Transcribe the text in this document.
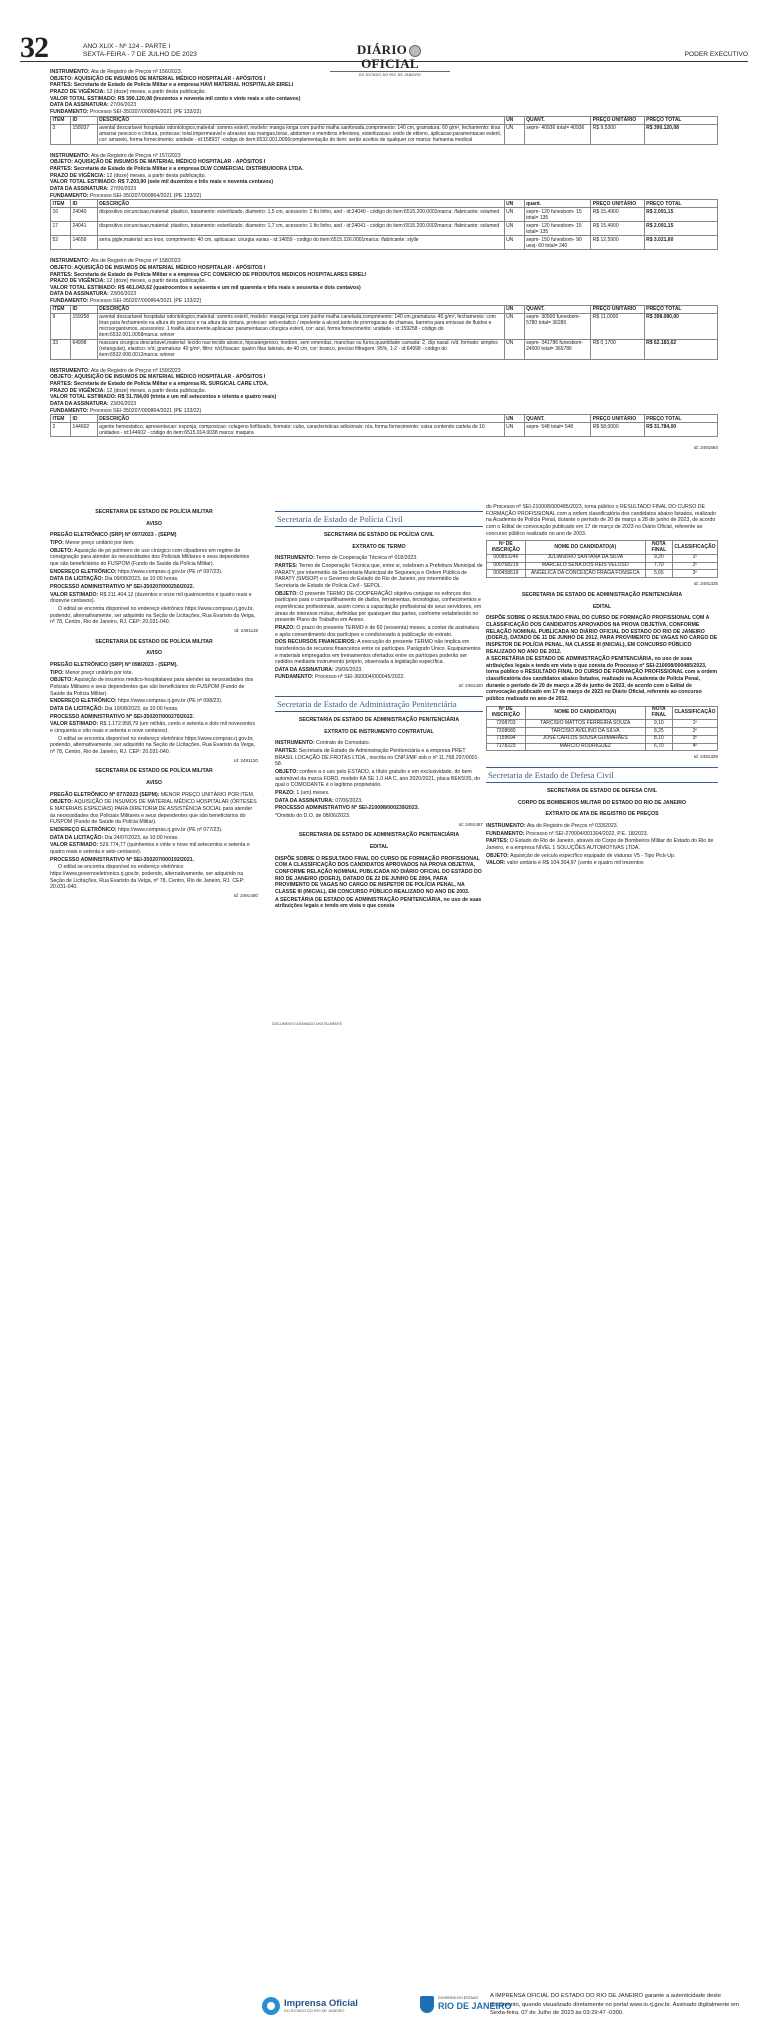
32	ANO XLIX - Nº 124 - PARTE I
SEXTA-FEIRA - 7 DE JULHO DE 2023	DIÁRIOOFICIAL
DO ESTADO DO RIO DE JANEIRO
PODER EXECUTIVO

INSTRUMENTO: Ata de Registro de Preços nº 156/2023.

OBJETO: AQUISIÇÃO DE INSUMOS DE MATERIAL MÉDICO HOSPITALAR - APÓSITOS I

PARTES: Secretaria de Estado de Polícia Militar e a empresa HAVI MATERIAL HOSPITALAR EIRELI

PRAZO DE VIGÊNCIA: 12 (doze) meses, a partir desta publicação.

VALOR TOTAL ESTIMADO: R$ 390.120,08 (trezentos e noventa mil cento e vinte reais e oito centavos)

DATA DA ASSINATURA: 27/06/2023

FUNDAMENTO: Processo SEI-350207/000864/2021 (PE 133/22)

ITEM	ID	DESCRIÇÃO	UN	QUANT.	PREÇO UNITÁRIO	PREÇO TOTAL
3	158937	avental descartavel hospitalar odontologico,material: ssmms esteril, modelo: manga longa com punho malha sanfonada,comprimento: 140 cm, gramatura: 60 g/m², fechamento: tiras amarrar pescoco e cintura, protecao: total impermeavel e abrasivo nas mangas,torax, abdomen e membros inferiores, esterilizacao: oxido de etileno, aplicacao:paramentacao esteril, cor: amarelo, forma fornecimento: unidade - id:158937 -codigo do item:6532.001.0056complementação do item: serão aceitos de qualquer cor marca: humanna medical	UN	sepm- 40936 total= 40936	R$ 9,5300	R$ 390.120,08

INSTRUMENTO: Ata de Registro de Preços nº 157/2023

OBJETO: AQUISIÇÃO DE INSUMOS DE MATERIAL MÉDICO HOSPITALAR - APÓSITOS I

PARTES: Secretaria de Estado de Polícia Militar e a empresa DLW COMERCIAL DISTRIBUIDORA LTDA.

PRAZO DE VIGÊNCIA: 12 (doze) meses, a partir desta publicação.

VALOR TOTAL ESTIMADO: R$ 7.203,90 (sete mil duzentos e três reais e noventa centavos)

DATA DA ASSINATURA: 27/06/2023

FUNDAMENTO: Processo SEI-350207/000864/2021 (PE 133/22)

ITEM	ID	DESCRIÇÃO	UN	quant.	PREÇO UNITÁRIO	PREÇO TOTAL
16	24040	dispositivo circuncisao,material: plastico, tratamento: esterilizado, diametro: 1,5 cm, acessorio: 1 fio linho, and - id:24040 - código do item:6515.200.0001marca: /fabricante: solumed	UN	sepm- 120 funesbom- 15 total= 135	R$ 15,4900	R$ 2.091,15
17	24041	dispositivo circuncisao,material: plastico, tratamento: esterilizado, diametro: 1,7 cm, acessorio: 1 fio linho, and - id:24041 - código do item:6515.200.0002marca: /fabricante: solumed	UN	sepm- 120 funesbom- 15 total= 135	R$ 15,4900	R$ 2.091,15
52	14659	serra gigle,material: aco inox, comprimento: 40 cm, aplicacao: cirurgia varias - id:14659 - codigo do item:6515.226.0001marca: /fabricante: stylle	UN	sepm- 150 funesbom- 90 uesj- 60 total= 240	R$ 12,5900	R$ 3.021,60

INSTRUMENTO: Ata de Registro de Preços nº 158/2023

OBJETO: AQUISIÇÃO DE INSUMOS DE MATERIAL MÉDICO HOSPITALAR - APÓSITOS I

PARTES: Secretaria de Estado de Polícia Militar e a empresa CFC COMERCIO DE PRODUTOS MEDICOS HOSPITALARES EIRELI

PRAZO DE VIGÊNCIA: 12 (doze) meses, a partir desta publicação.

VALOR TOTAL ESTIMADO: R$ 461.043,62 (quatrocentos e sessenta e um mil quarenta e três reais e sessenta e dois centavos)

DATA DA ASSINATURA: 23/06/2023

FUNDAMENTO: Processo SEI-350207/000864/2021 (PE 133/22)

ITEM	ID	DESCRIÇÃO	UN	QUANT.	PREÇO UNITÁRIO	PREÇO TOTAL
9	159258	avental descartavel hospitalar odontologico,material: ssmms esteril, modelo: manga longa com punho malha canelada,comprimento: 140 cm,gramatura: 40 g/m², fechamento: com tiras para fechamento na altura do pescoco e na altura da cintura, protecao: anti-estatico / repelente a alcool,tanto de prorrogacao de chamas, barreira para emissao de fluidos e microorganismos, acessorios: 1 toalha absorvente,aplicacao: paramentacao cirurgica esteril, cor: azul, forma fornecimento: unidade - id:159258 - código do item:6532.001.0058marca: winner	UN	sepm- 30500 funesbom- 5780 total= 36280	R$ 11,0000	R$ 398.080,00
33	64998	mascara cirurgica descartavel,material: tecido nao tecido atoxico, hipoalergenico, inodoro, sem emendas, manchas ou furos,quantidade camada: 2, clip nasal: n/d, formato: simples (retangular), elastico: n/d, gramatura: 40 g/m², filtro: n/d,fixacao: quatro filas laterais, de 40 cm, cor: branco, preciso filtragem: 95%, 1-2 - id:64998 - código do item:6532.008.0012marca: winner	UN	sepm- 341786 funesbom- 24000 total= 365786	R$ 0,1700	R$ 62.183,62

INSTRUMENTO: Ata de Registro de Preços nº 159/2023

OBJETO: AQUISIÇÃO DE INSUMOS DE MATERIAL MÉDICO HOSPITALAR - APÓSITOS I

PARTES: Secretaria de Estado de Polícia Militar e a empresa RL SURGICAL CARE LTDA.

PRAZO DE VIGÊNCIA: 12 (doze) meses, a partir desta publicação.

VALOR TOTAL ESTIMADO: R$ 31.784,00 (trinta e um mil setecentos e oitenta e quatro reais)

DATA DA ASSINATURA: 23/06/2023

FUNDAMENTO: Processo SEI-350207/000864/2021 (PE 133/22)

ITEM	ID	DESCRIÇÃO	UN	QUANT.	PREÇO UNITÁRIO	PREÇO TOTAL
2	144602	agente hemostatico, apresentacao: esponja, composicao: colageno liofilizado, formato: cubo, caracteristicas adicionais: n/a, forma fornecimento: caixa contendo cartela de 10 unidades - id:144602 - código do item:6515.014.0038 marca: maquira	UN	sepm- 548 total= 548	R$ 58,0000	R$ 31.784,00
Id: 2491584
SECRETARIA DE ESTADO DE POLÍCIA MILITAR
AVISO

PREGÃO ELETRÔNICO (SRP) Nº 097/2023 - (SEPM)

TIPO: Menor preço unitário por item.

OBJETO: Aquisição de pó polímero de uso cirúrgico com cilpadores em regime de consignação para atender às necessidades dos Policiais Militares e seus dependentes que são beneficiários do FUSPOM (Fundo de Saúde da Polícia Militar).

ENDEREÇO ELETRÔNICO: https://www.compras.rj.gov.br (PE nº 097/23).

DATA DA LICITAÇÃO: Dia 09/08/2023, às 10:00 horas.

PROCESSO ADMINISTRATIVO Nº SEI-350207/000250/2022.

VALOR ESTIMADO: R$ 211.404,12 (duzentos e onze mil quatrocentos e quatro reais e dozevoe centavos).

O edital se encontra disponível no endereço eletrônico https://www.compras.rj.gov.br, podendo, alternativamente, ser adquirido na Seção de Licitações, Rua Evaristo da Veiga, nº 78, Centro, Rio de Janeiro, RJ. CEP: 20.031-040.

Id: 2491119
SECRETARIA DE ESTADO DE POLÍCIA MILITAR
AVISO

PREGÃO ELETRÔNICO (SRP) Nº 098/2023 - (SEPM).

TIPO: Menor preço unitário por lote.

OBJETO: Aquisição de insumos médico-hospitalares para atender as necessidades dos Policiais Militares e seus dependentes que são beneficiários do FUSPOM (Fundo de Saúde da Polícia Militar).

ENDEREÇO ELETRÔNICO: https://www.compras.rj.gov.br (PE nº 098/23).

DATA DA LICITAÇÃO: Dia 10/08/2023, às 10:00 horas.

PROCESSO ADMINISTRATIVO Nº SEI-350207/000270/2022.

VALOR ESTIMADO: R$ 1.172.958,79 (um milhão, cento e setenta e dois mil novecentos e cinquenta e oito reais e setenta e nove centavos).

O edital se encontra disponível no endereço eletrônico https://www.compras.rj.gov.br, podendo, alternativamente, ser adquirido na Seção de Licitações, Rua Evaristo da Veiga, nº 78, Centro, Rio de Janeiro, RJ. CEP: 20.031-040.

Id: 2491120
SECRETARIA DE ESTADO DE POLÍCIA MILITAR
AVISO

PREGÃO ELETRÔNICO Nº 077/2023 (SEPM): MENOR PREÇO UNITÁRIO POR ITEM.

OBJETO: AQUISIÇÃO DE INSUMOS DE MATERIAL MÉDICO HOSPITALAR (ÓRTESES E MATERIAIS ESPECIAIS) PARA DIRETORIA DE ASSISTÊNCIA SOCIAL para atender às necessidades dos Policiais Militares e seus dependentes que são beneficiários do FUSPOM (Fundo de Saúde da Polícia Militar).

ENDEREÇO ELETRÔNICO: https://www.compras.rj.gov.br (PE nº 077/23).

DATA DA LICITAÇÃO: Dia 24/07/2023, às 10:00 horas.

VALOR ESTIMADO: 529.774,77 (quinhentos e vinte e nove mil setecentos e setenta e quatro reais e setenta e sete centavos).

PROCESSO ADMINISTRATIVO Nº SEI-350207/000192/2021.

O edital se encontra disponível no endereço eletrônico https://www.governoeletronico.rj.gov.br, podendo, alternativamente, ser adquirido na Seção de Licitações, Rua Evaristo da Veiga, nº 78, Centro, Rio de Janeiro, RJ. CEP: 20.031-040.

Id: 2491400
Secretaria de Estado de Polícia Civil
SECRETARIA DE ESTADO DE POLÍCIA CIVIL
EXTRATO DE TERMO

INSTRUMENTO: Termo de Cooperação Técnica nº 018/2023.

PARTES: Termo de Cooperação Técnica que, entre si, celebram a Prefeitura Municipal de PARATY, por intermédio da Secretaria Municipal de Segurança e Ordem Pública de PARATY (SMSOP) e o Governo do Estado do Rio de Janeiro, por intermédio da Secretaria de Estado de Polícia Civil - SEPOL.

OBJETO: O presente TERMO DE COOPERAÇÃO objetiva conjugar os esforços dos partícipes para o compartilhamento de dados, ferramentas, tecnologias, conhecimentos e experiências profissionais, assim como a capacitação profissional de seus servidores, em áreas de interesse mútuo, definidas por quaisquer das partes, conforme estabelecido no presente Plano de Trabalho em Anexo.

PRAZO: O prazo do presente TERMO é de 60 (sessenta) meses, a contar da assinatura e após consentimento dos partícipes e condicionado à publicação do extrato.

DOS RECURSOS FINANCEIROS: A execução do presente TERMO não implica em transferência de recursos financeiros entre os partícipes. Parágrafo Único. Equipamentos e materiais empregados em treinamentos ofertados entre os partícipes poderão ser cedidos mediante instrumento próprio, observada a legislação específica.

DATA DA ASSINATURA: 29/06/2023.

FUNDAMENTO: Processo nº SEI-360004/000045/2022.

Id: 2491320
Secretaria de Estado de Administração Penitenciária
SECRETARIA DE ESTADO DE ADMINISTRAÇÃO PENITENCIÁRIA
EXTRATO DE INSTRUMENTO CONTRATUAL

INSTRUMENTO: Contrato de Comodato.

PARTES: Secretaria de Estado de Administração Penitenciária e a empresa PRET BRASIL LOCAÇÃO DE FROTAS LTDA., inscrita no CNPJ/MF sob o nº 11.768.297/0001-58.

OBJETO: confere a o uso pelo ESTADO, a título gratuito e em exclusividade, do bem automóvel da marca FORD, modelo KA SE 1.0 HA C, ano 2020/2021, placa BEK5I35, do qual o COMODANTE é o legítimo proprietário.

PRAZO: 1 (um) meses.

DATA DA ASSINATURA: 07/06/2023.

PROCESSO ADMINISTRATIVO Nº SEI-210098/000239/2023.

*Omitido do D.O. de 08/06/2023.

Id: 2491457
SECRETARIA DE ESTADO DE ADMINISTRAÇÃO PENITENCIÁRIA
EDITAL

DISPÕE SOBRE O RESULTADO FINAL DO CURSO DE FORMAÇÃO PROFISSIONAL COM A CLASSIFICAÇÃO DOS CANDIDATOS APROVADOS NA PROVA OBJETIVA, CONFORME RELAÇÃO NOMINAL PUBLICADA NO DIÁRIO OFICIAL DO ESTADO DO RIO DE JANEIRO (DOERJ), DATADO DE 22 DE JUNHO DE 2004, PARA PROVIMENTO DE VAGAS NO CARGO DE INSPETOR DE POLÍCIA PENAL, NA CLASSE III (INICIAL), EM CONCURSO PÚBLICO REALIZADO NO ANO DE 2003.

A SECRETÁRIA DE ESTADO DE ADMINISTRAÇÃO PENITENCIÁRIA, no uso de suas atribuições legais e tendo em vista o que consta

do Processo nº SEI-210008/000485/2023, torna público o RESULTADO FINAL DO CURSO DE FORMAÇÃO PROFISSIONAL com a ordem classificatória dos candidatos abaixo listados, realizado na Academia de Polícia Penal, durante o período de 20 de março a 28 de junho de 2023, de acordo com o Edital de convocação publicado em 17 de março de 2023 no Diário Oficial, referente ao concurso público realizado no ano de 2003.

Nº DE INSCRIÇÃO	NOME DO CANDIDATO(A)	NOTA FINAL	CLASSIFICAÇÃO
000853246	JULIANDRO SANTANA DA SILVA	9,20	1º
000768219	MARCELO SENA DOS REIS VELOSO	7,70	2º
000458619	ANGÉLICA DA CONCEIÇÃO FRAGA FONSECA	5,65	3º
Id: 2491325
SECRETARIA DE ESTADO DE ADMINISTRAÇÃO PENITENCIÁRIA
EDITAL

DISPÕE SOBRE O RESULTADO FINAL DO CURSO DE FORMAÇÃO PROFISSIONAL COM A CLASSIFICAÇÃO DOS CANDIDATOS APROVADOS NA PROVA OBJETIVA, CONFORME RELAÇÃO NOMINAL PUBLICADA NO DIÁRIO OFICIAL DO ESTADO DO RIO DE JANEIRO (DOERJ), DATADO DE 11 DE JUNHO DE 2012, PARA PROVIMENTO DE VAGAS NO CARGO DE INSPETOR DE POLÍCIA PENAL, NA CLASSE III (INICIAL), EM CONCURSO PÚBLICO REALIZADO NO ANO DE 2012.

A SECRETÁRIA DE ESTADO DE ADMINISTRAÇÃO PENITENCIÁRIA, no uso de suas atribuições legais e tendo em vista o que consta do Processo nº SEI-210008/000485/2023, torna público o RESULTADO FINAL DO CURSO DE FORMAÇÃO PROFISSIONAL com a ordem classificatória dos candidatos abaixo listados, realizado na Academia de Polícia Penal, durante o período de 20 de março a 28 de junho de 2023, de acordo com o Edital de convocação publicado em 17 de março de 2023 no Diário Oficial, referente ao concurso público realizado no ano de 2012.

Nº DE INSCRIÇÃO	NOME DO CANDIDATO(A)	NOTA FINAL	CLASSIFICAÇÃO
7208703	TARCISIO MATTOS FERREIRA SOUZA	9,10	1º
7208680	TARCISIO AVELINO DA SILVA	8,25	2º
7159694	JOSÉ CARLOS SOUSA GUIMARÃES	8,10	3º
7178223	MÁRCIO RODRIGUEZ	6,70	4º
Id: 2491329
Secretaria de Estado de Defesa Civil
SECRETARIA DE ESTADO DE DEFESA CIVIL
CORPO DE BOMBEIROS MILITAR DO ESTADO DO RIO DE JANEIRO
EXTRATO DE ATA DE REGISTRO DE PREÇOS

INSTRUMENTO: Ata de Registro de Preços nº 033/2023.

FUNDAMENTO: Processo nº SEI-270004/001304/2022, P.E. 18/2023.

PARTES: O Estado do Rio de Janeiro, através do Corpo de Bombeiros Militar do Estado do Rio de Janeiro, e a empresa NIVEL 1 SOLUÇÕES AUTOMOTIVAS LTDA.

OBJETO: Aquisição de veículo específico equipado de viaturas V5 - Tipo Pick-Up.

VALOR: valor unitário é R$ 104.304,97 (cento e quatro mil trezentos

Imprensa Oficial
DO ESTADO DO RIO DE JANEIRO
GOVERNO DO ESTADO
RIO DE JANEIRO
A IMPRENSA OFICIAL DO ESTADO DO RIO DE JANEIRO garante a autenticidade deste documento, quando visualizado diretamente no portal www.io.rj.gov.br. Assinado digitalmente em Sexta-feira, 07 de Julho de 2023 às 03:29:47 -0300.
DOCUMENTO ASSINADO DIGITALMENTE
